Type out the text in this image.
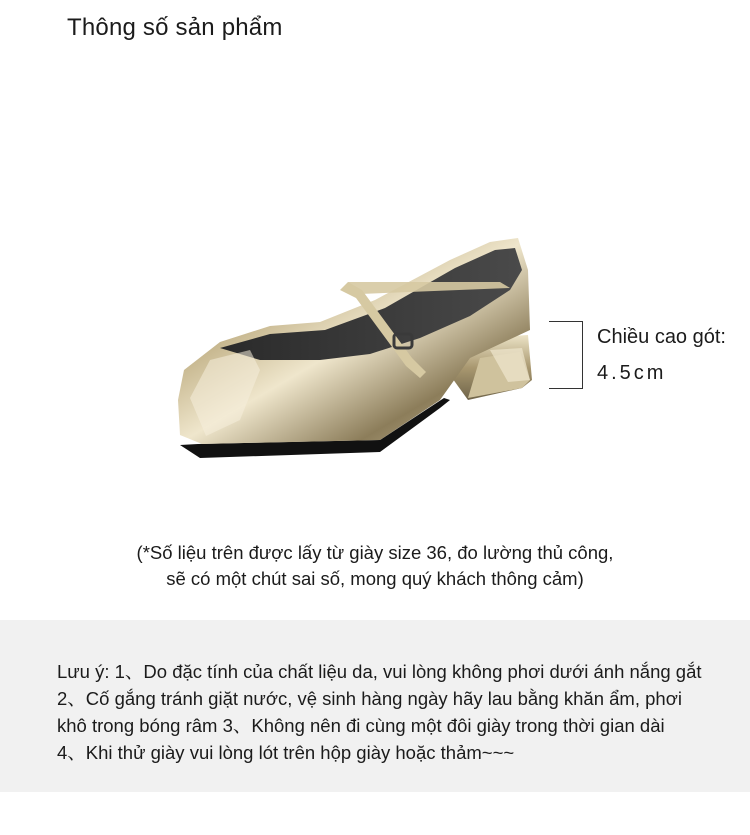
Thông số sản phẩm
Chiều cao gót:
4.5cm
(*Số liệu trên được lấy từ giày size 36, đo lường thủ công,
sẽ có một chút sai số, mong quý khách thông cảm)
Lưu ý: 1、Do đặc tính của chất liệu da, vui lòng không phơi dưới ánh nắng gắt
2、Cố gắng tránh giặt nước, vệ sinh hàng ngày hãy lau bằng khăn ẩm, phơi
khô trong bóng râm 3、Không nên đi cùng một đôi giày trong thời gian dài
4、Khi thử giày vui lòng lót trên hộp giày hoặc thảm~~~
